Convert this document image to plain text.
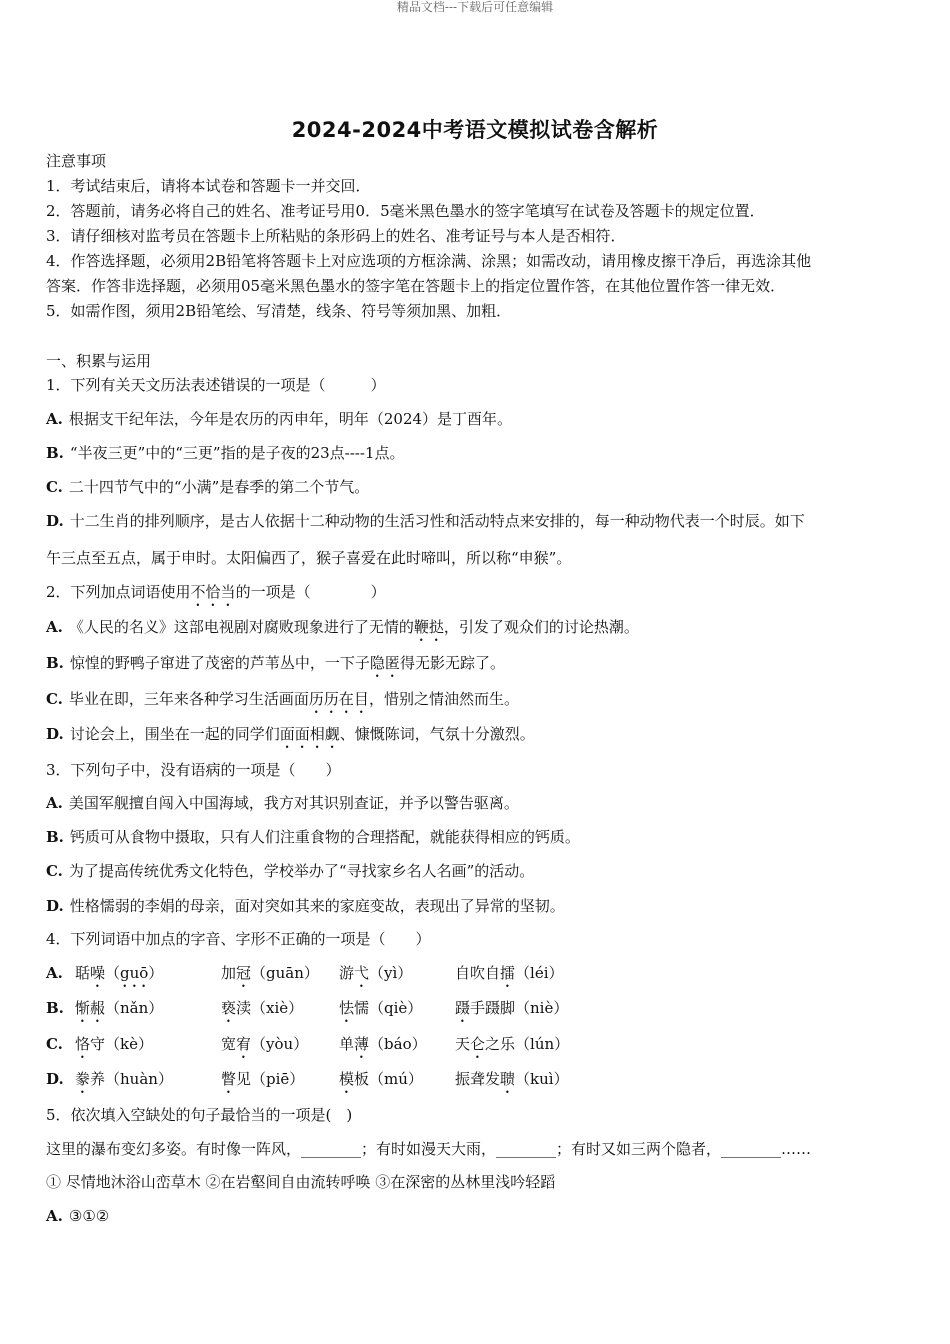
精品文档---下载后可任意编辑
2024-2024中考语文模拟试卷含解析
注意事项
1．考试结束后，请将本试卷和答题卡一并交回．
2．答题前，请务必将自己的姓名、准考证号用0．5毫米黑色墨水的签字笔填写在试卷及答题卡的规定位置．
3．请仔细核对监考员在答题卡上所粘贴的条形码上的姓名、准考证号与本人是否相符．
4．作答选择题，必须用2B铅笔将答题卡上对应选项的方框涂满、涂黑；如需改动，请用橡皮擦干净后，再选涂其他
答案．作答非选择题，必须用05毫米黑色墨水的签字笔在答题卡上的指定位置作答，在其他位置作答一律无效．
5．如需作图，须用2B铅笔绘、写清楚，线条、符号等须加黑、加粗．
一、积累与运用
1．下列有关天文历法表述错误的一项是（　　　）
A. 根据支干纪年法，今年是农历的丙申年，明年（2024）是丁酉年。
B. “半夜三更”中的“三更”指的是子夜的23点----1点。
C. 二十四节气中的“小满”是春季的第二个节气。
D. 十二生肖的排列顺序，是古人依据十二种动物的生活习性和活动特点来安排的，每一种动物代表一个时辰。如下
午三点至五点，属于申时。太阳偏西了，猴子喜爱在此时啼叫，所以称“申猴”。
2．下列加点词语使用不恰当的一项是（　　　　）
A. 《人民的名义》这部电视剧对腐败现象进行了无情的鞭挞，引发了观众们的讨论热潮。
B. 惊惶的野鸭子窜进了茂密的芦苇丛中，一下子隐匿得无影无踪了。
C. 毕业在即，三年来各种学习生活画面历历在目，惜别之情油然而生。
D. 讨论会上，围坐在一起的同学们面面相觑、慷慨陈词，气氛十分激烈。
3．下列句子中，没有语病的一项是（　　）
A. 美国军舰擅自闯入中国海域，我方对其识别查证，并予以警告驱离。
B. 钙质可从食物中摄取，只有人们注重食物的合理搭配，就能获得相应的钙质。
C. 为了提高传统优秀文化特色，学校举办了“寻找家乡名人名画”的活动。
D. 性格懦弱的李娟的母亲，面对突如其来的家庭变故，表现出了异常的坚韧。
4．下列词语中加点的字音、字形不正确的一项是（　　）
A. 聒噪（guō）	加冠（guān） 游弋（yì）	自吹自擂（léi）
B. 惭赧（nǎn）	亵渎（xiè） 怯懦（qiè） 蹑手蹑脚（niè）
C. 恪守（kè）	宽宥（yòu） 单薄（báo） 天仑之乐（lún）
D. 豢养（huàn）	瞥见（piē） 模板（mú） 振聋发聩（kuì）
5．依次填入空缺处的句子最恰当的一项是(　)
这里的瀑布变幻多姿。有时像一阵风，________；有时如漫天大雨，________；有时又如三两个隐者，________……
① 尽情地沐浴山峦草木 ②在岩壑间自由流转呼唤 ③在深密的丛林里浅吟轻蹈
A. ③①②
